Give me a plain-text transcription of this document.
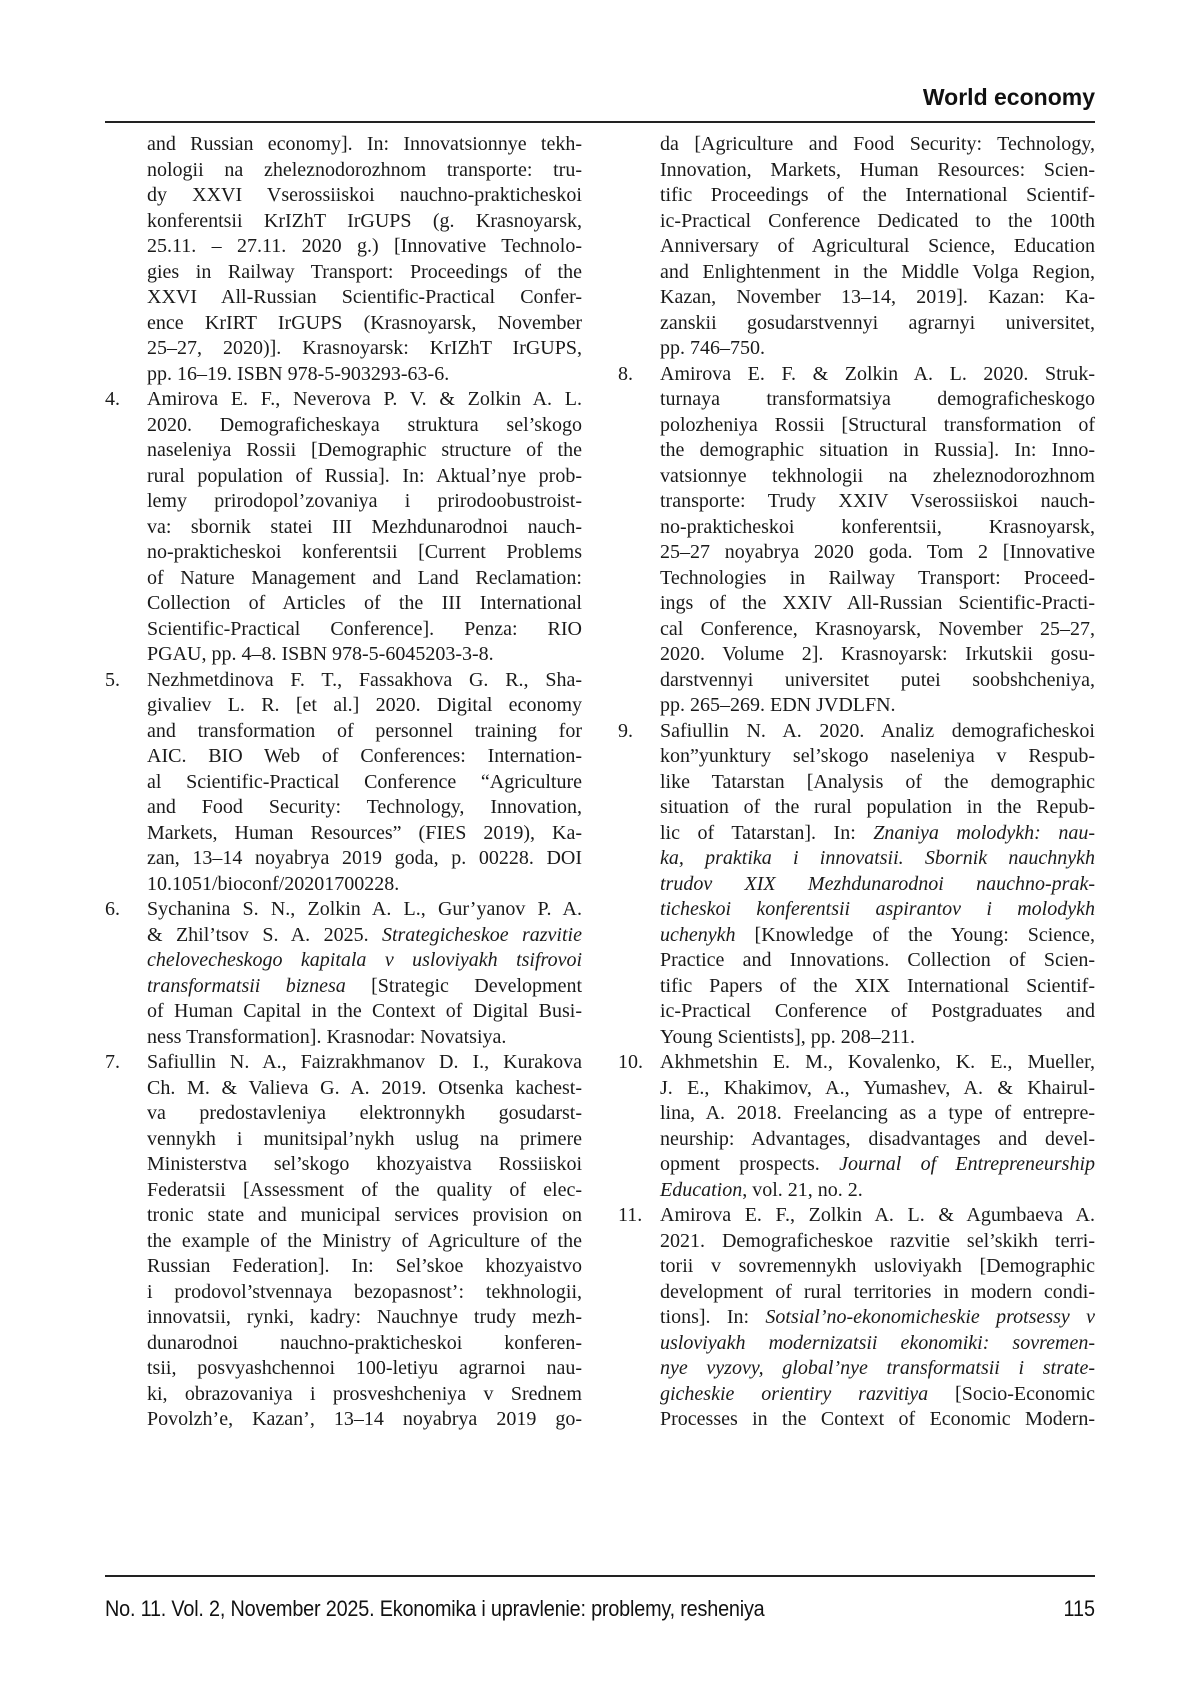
World economy
and Russian economy]. In: Innovatsionnye tekh-
nologii na zheleznodorozhnom transporte: tru-
dy XXVI Vserossiiskoi nauchno-prakticheskoi
konferentsii KrIZhT IrGUPS (g. Krasnoyarsk,
25.11. – 27.11. 2020 g.) [Innovative Technolo-
gies in Railway Transport: Proceedings of the
XXVI All-Russian Scientific-Practical Confer-
ence KrIRT IrGUPS (Krasnoyarsk, November
25–27, 2020)]. Krasnoyarsk: KrIZhT IrGUPS,
pp. 16–19. ISBN 978-5-903293-63-6.
4. Amirova E. F., Neverova P. V. & Zolkin A. L.
2020. Demograficheskaya struktura sel’skogo
naseleniya Rossii [Demographic structure of the
rural population of Russia]. In: Aktual’nye prob-
lemy prirodopol’zovaniya i prirodoobustroist-
va: sbornik statei III Mezhdunarodnoi nauch-
no-prakticheskoi konferentsii [Current Problems
of Nature Management and Land Reclamation:
Collection of Articles of the III International
Scientific-Practical Conference]. Penza: RIO
PGAU, pp. 4–8. ISBN 978-5-6045203-3-8.
5. Nezhmetdinova F. T., Fassakhova G. R., Sha-
givaliev L. R. [et al.] 2020. Digital economy
and transformation of personnel training for
AIC. BIO Web of Conferences: Internation-
al Scientific-Practical Conference “Agriculture
and Food Security: Technology, Innovation,
Markets, Human Resources” (FIES 2019), Ka-
zan, 13–14 noyabrya 2019 goda, p. 00228. DOI
10.1051/bioconf/20201700228.
6. Sychanina S. N., Zolkin A. L., Gur’yanov P. A.
& Zhil’tsov S. A. 2025. Strategicheskoe razvitie
chelovecheskogo kapitala v usloviyakh tsifrovoi
transformatsii biznesa [Strategic Development
of Human Capital in the Context of Digital Busi-
ness Transformation]. Krasnodar: Novatsiya.
7. Safiullin N. A., Faizrakhmanov D. I., Kurakova
Ch. M. & Valieva G. A. 2019. Otsenka kachest-
va predostavleniya elektronnykh gosudarst-
vennykh i munitsipal’nykh uslug na primere
Ministerstva sel’skogo khozyaistva Rossiiskoi
Federatsii [Assessment of the quality of elec-
tronic state and municipal services provision on
the example of the Ministry of Agriculture of the
Russian Federation]. In: Sel’skoe khozyaistvo
i prodovol’stvennaya bezopasnost’: tekhnologii,
innovatsii, rynki, kadry: Nauchnye trudy mezh-
dunarodnoi nauchno-prakticheskoi konferen-
tsii, posvyashchennoi 100-letiyu agrarnoi nau-
ki, obrazovaniya i prosveshcheniya v Srednem
Povolzh’e, Kazan’, 13–14 noyabrya 2019 go-
da [Agriculture and Food Security: Technology,
Innovation, Markets, Human Resources: Scien-
tific Proceedings of the International Scientif-
ic-Practical Conference Dedicated to the 100th
Anniversary of Agricultural Science, Education
and Enlightenment in the Middle Volga Region,
Kazan, November 13–14, 2019]. Kazan: Ka-
zanskii gosudarstvennyi agrarnyi universitet,
pp. 746–750.
8. Amirova E. F. & Zolkin A. L. 2020. Struk-
turnaya transformatsiya demograficheskogo
polozheniya Rossii [Structural transformation of
the demographic situation in Russia]. In: Inno-
vatsionnye tekhnologii na zheleznodorozhnom
transporte: Trudy XXIV Vserossiiskoi nauch-
no-prakticheskoi konferentsii, Krasnoyarsk,
25–27 noyabrya 2020 goda. Tom 2 [Innovative
Technologies in Railway Transport: Proceed-
ings of the XXIV All-Russian Scientific-Practi-
cal Conference, Krasnoyarsk, November 25–27,
2020. Volume 2]. Krasnoyarsk: Irkutskii gosu-
darstvennyi universitet putei soobshcheniya,
pp. 265–269. EDN JVDLFN.
9. Safiullin N. A. 2020. Analiz demograficheskoi
kon”yunktury sel’skogo naseleniya v Respub-
like Tatarstan [Analysis of the demographic
situation of the rural population in the Repub-
lic of Tatarstan]. In: Znaniya molodykh: nau-
ka, praktika i innovatsii. Sbornik nauchnykh
trudov XIX Mezhdunarodnoi nauchno-prak-
ticheskoi konferentsii aspirantov i molodykh
uchenykh [Knowledge of the Young: Science,
Practice and Innovations. Collection of Scien-
tific Papers of the XIX International Scientif-
ic-Practical Conference of Postgraduates and
Young Scientists], pp. 208–211.
10. Akhmetshin E. M., Kovalenko, K. E., Mueller,
J. E., Khakimov, A., Yumashev, A. & Khairul-
lina, A. 2018. Freelancing as a type of entrepre-
neurship: Advantages, disadvantages and devel-
opment prospects. Journal of Entrepreneurship
Education, vol. 21, no. 2.
11. Amirova E. F., Zolkin A. L. & Agumbaeva A.
2021. Demograficheskoe razvitie sel’skikh terri-
torii v sovremennykh usloviyakh [Demographic
development of rural territories in modern condi-
tions]. In: Sotsial’no-ekonomicheskie protsessy v
usloviyakh modernizatsii ekonomiki: sovremen-
nye vyzovy, global’nye transformatsii i strate-
gicheskie orientiry razvitiya [Socio-Economic
Processes in the Context of Economic Modern-
No. 11. Vol. 2, November 2025. Ekonomika i upravlenie: problemy, resheniya	115
